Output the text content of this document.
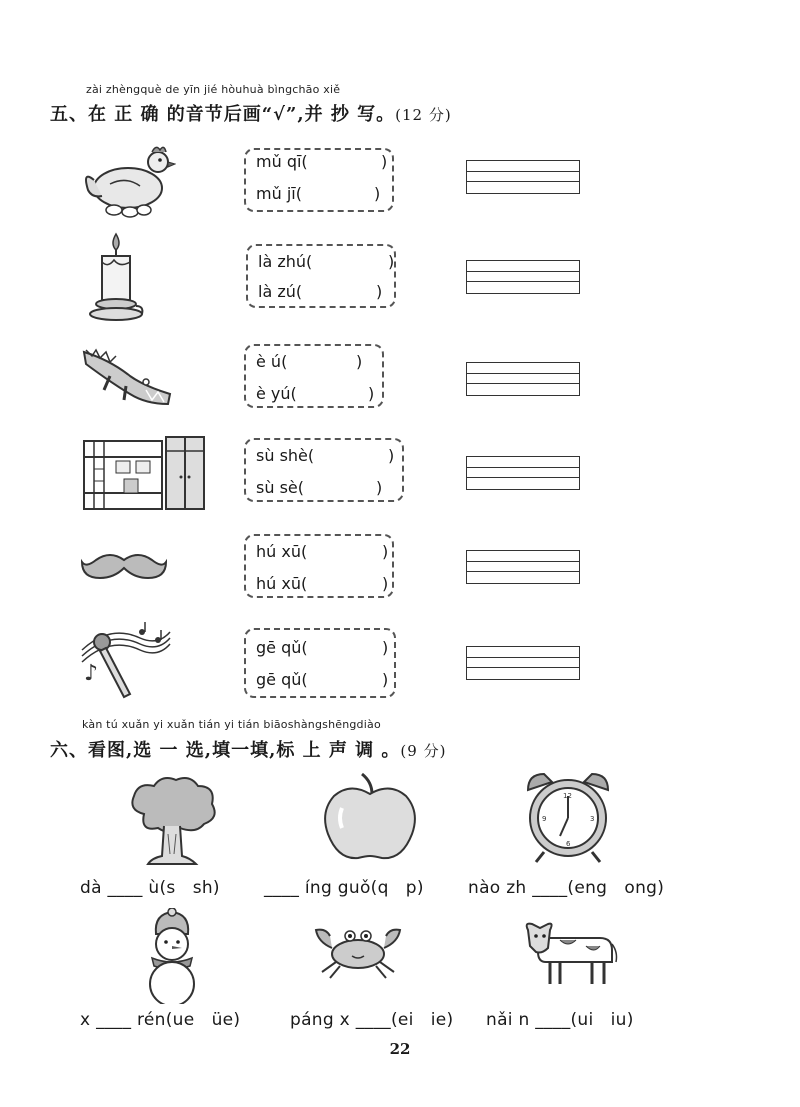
zài zhèngquè de yīn jié hòuhuà bìngchāo xiě
五、在 正 确 的音节后画“√”,并 抄 写。(12 分)
♪
mǔ qī(	)
mǔ jī(	)
là zhú(	)
là zú(	)
è ú(	)
è yú(	)
sù shè(	)
sù sè(	)
hú xū(	)
hú xū(	)
gē qǔ(	)
gē qǔ(	)
kàn tú xuǎn yi xuǎn tián yi tián biāoshàngshēngdiào
六、看图,选 一 选,填一填,标 上 声 调 。(9 分)
12
3
6
9
dà ____ ù(s   sh)	____ íng guǒ(q   p)	nào zh ____(eng   ong)
x ____ rén(ue   üe)	páng x ____(ei   ie) nǎi n ____(ui   iu)
22
